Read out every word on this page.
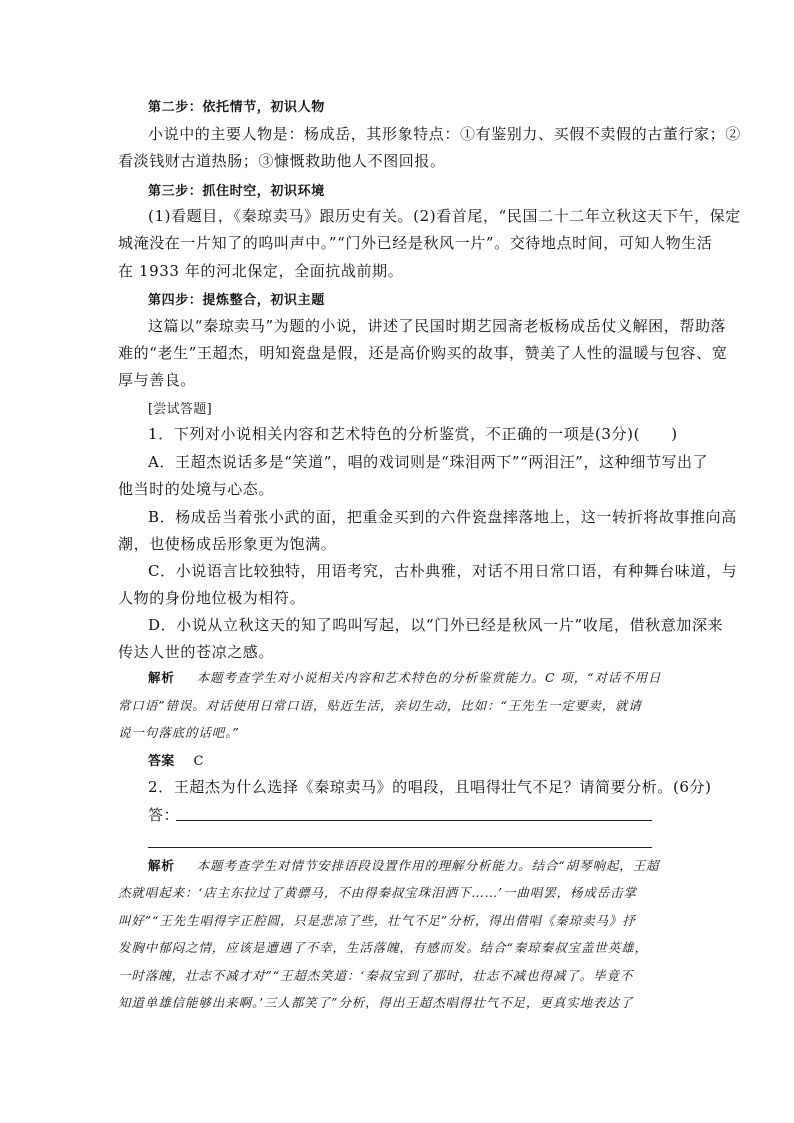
第二步：依托情节，初识人物
小说中的主要人物是：杨成岳，其形象特点：①有鉴别力、买假不卖假的古董行家；②
看淡钱财古道热肠；③慷慨救助他人不图回报。
第三步：抓住时空，初识环境
(1)看题目，《秦琼卖马》跟历史有关。(2)看首尾，“民国二十二年立秋这天下午，保定
城淹没在一片知了的呜叫声中。”“门外已经是秋风一片”。交待地点时间，可知人物生活
在 1933 年的河北保定，全面抗战前期。
第四步：提炼整合，初识主题
这篇以“秦琼卖马”为题的小说，讲述了民国时期艺园斋老板杨成岳仗义解困，帮助落
难的“老生”王超杰，明知瓷盘是假，还是高价购买的故事，赞美了人性的温暖与包容、宽
厚与善良。
[尝试答题]
1．下列对小说相关内容和艺术特色的分析鉴赏，不正确的一项是(3分)(　　)
A．王超杰说话多是“笑道”，唱的戏词则是“珠泪两下”“两泪汪”，这种细节写出了
他当时的处境与心态。
B．杨成岳当着张小武的面，把重金买到的六件瓷盘摔落地上，这一转折将故事推向高
潮，也使杨成岳形象更为饱满。
C．小说语言比较独特，用语考究，古朴典雅，对话不用日常口语，有种舞台味道，与
人物的身份地位极为相符。
D．小说从立秋这天的知了呜叫写起，以“门外已经是秋风一片”收尾，借秋意加深来
传达人世的苍凉之感。
解析 本题考查学生对小说相关内容和艺术特色的分析鉴赏能力。C 项，“对话不用日
常口语”错误。对话使用日常口语，贴近生活，亲切生动，比如：“王先生一定要卖，就请
说一句落底的话吧。”
答案 C
2．王超杰为什么选择《秦琼卖马》的唱段，且唱得壮气不足？请简要分析。(6分)
答：
解析 本题考查学生对情节安排语段设置作用的理解分析能力。结合“胡琴响起，王超
杰就唱起来：‘店主东拉过了黄骠马，不由得秦叔宝珠泪洒下……’一曲唱罢，杨成岳击掌
叫好”“王先生唱得字正腔圆，只是悲凉了些，壮气不足”分析，得出借唱《秦琼卖马》抒
发胸中郁闷之情，应该是遭遇了不幸，生活落魄，有感而发。结合“秦琼秦叔宝盖世英雄，
一时落魄，壮志不减才对”“王超杰笑道：‘秦叔宝到了那时，壮志不减也得减了。毕竟不
知道单雄信能够出来啊。’三人都笑了”分析，得出王超杰唱得壮气不足，更真实地表达了
